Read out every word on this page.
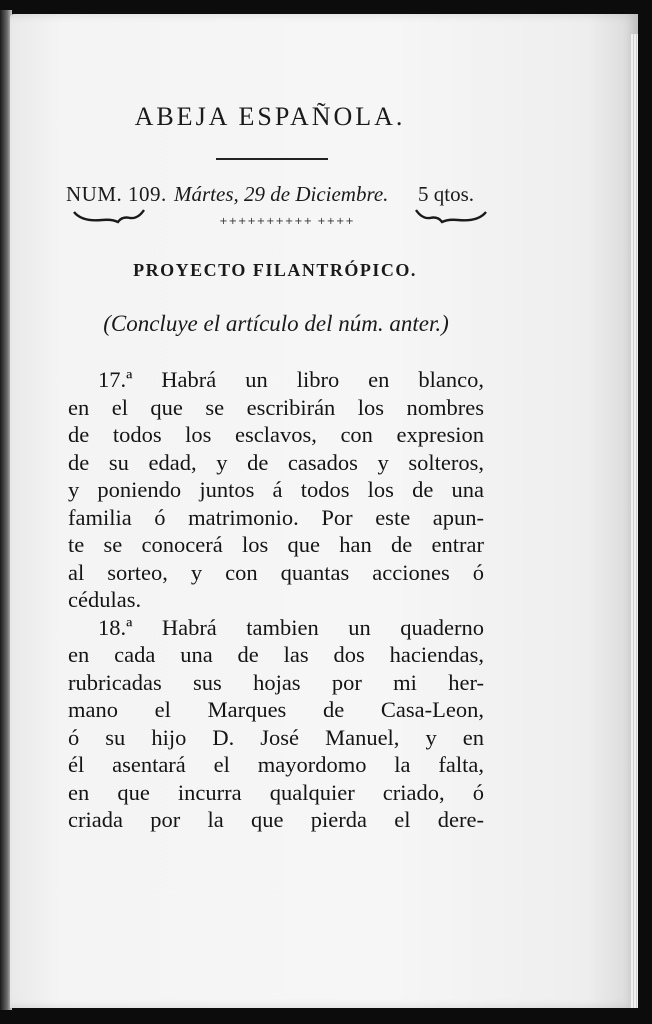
ABEJA ESPAÑOLA.
NUM. 109. Mártes, 29 de Diciembre. 5 qtos.
++++++++++ ++++
PROYECTO FILANTRÓPICO.
(Concluye el artículo del núm. anter.)
17.ª Habrá un libro en blanco,
en el que se escribirán los nombres
de todos los esclavos, con expresion
de su edad, y de casados y solteros,
y poniendo juntos á todos los de una
familia ó matrimonio. Por este apun-
te se conocerá los que han de entrar
al sorteo, y con quantas acciones ó
cédulas.
18.ª Habrá tambien un quaderno
en cada una de las dos haciendas,
rubricadas sus hojas por mi her-
mano el Marques de Casa-Leon,
ó su hijo D. José Manuel, y en
él asentará el mayordomo la falta,
en que incurra qualquier criado, ó
criada por la que pierda el dere-
